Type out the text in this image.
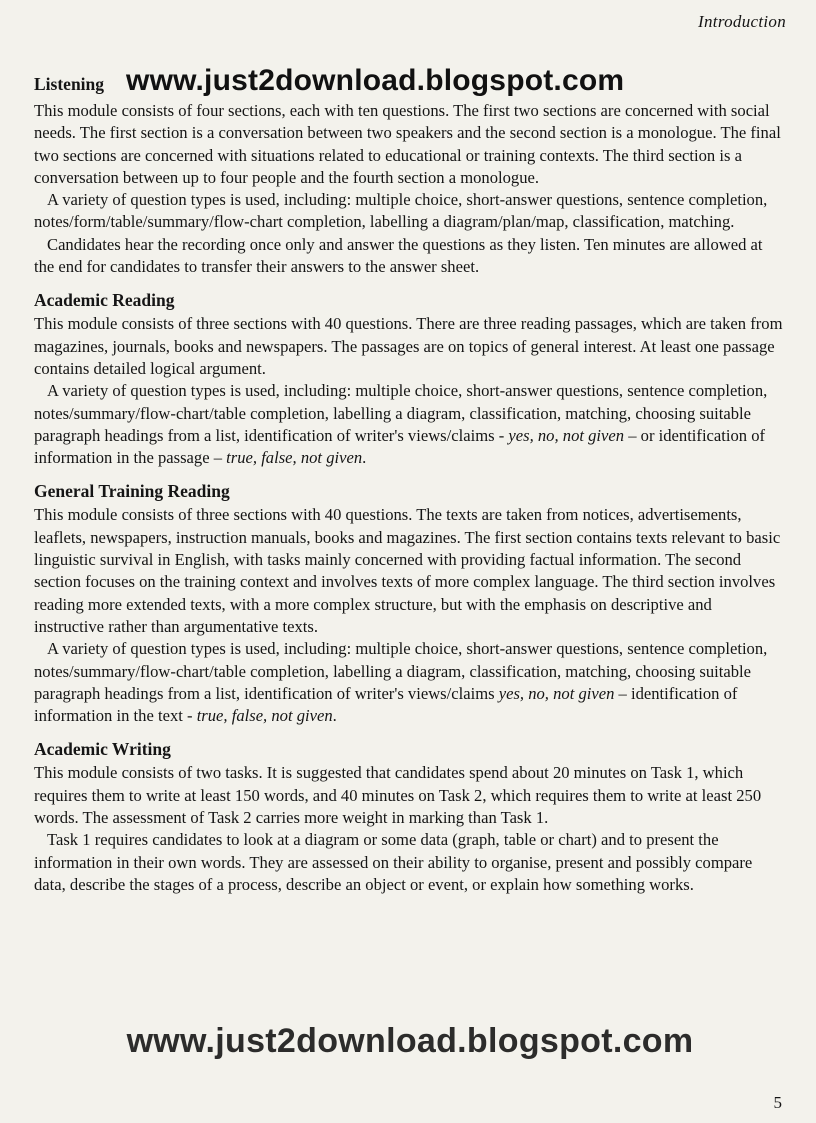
Introduction
Listening www.just2download.blogspot.com

This module consists of four sections, each with ten questions. The first two sections are concerned with social needs. The first section is a conversation between two speakers and the second section is a monologue. The final two sections are concerned with situations related to educational or training contexts. The third section is a conversation between up to four people and the fourth section a monologue.

A variety of question types is used, including: multiple choice, short-answer questions, sentence completion, notes/form/table/summary/flow-chart completion, labelling a diagram/plan/map, classification, matching.

Candidates hear the recording once only and answer the questions as they listen. Ten minutes are allowed at the end for candidates to transfer their answers to the answer sheet.

Academic Reading

This module consists of three sections with 40 questions. There are three reading passages, which are taken from magazines, journals, books and newspapers. The passages are on topics of general interest. At least one passage contains detailed logical argument.

A variety of question types is used, including: multiple choice, short-answer questions, sentence completion, notes/summary/flow-chart/table completion, labelling a diagram, classification, matching, choosing suitable paragraph headings from a list, identification of writer's views/claims - yes, no, not given – or identification of information in the passage – true, false, not given.

General Training Reading

This module consists of three sections with 40 questions. The texts are taken from notices, advertisements, leaflets, newspapers, instruction manuals, books and magazines. The first section contains texts relevant to basic linguistic survival in English, with tasks mainly concerned with providing factual information. The second section focuses on the training context and involves texts of more complex language. The third section involves reading more extended texts, with a more complex structure, but with the emphasis on descriptive and instructive rather than argumentative texts.

A variety of question types is used, including: multiple choice, short-answer questions, sentence completion, notes/summary/flow-chart/table completion, labelling a diagram, classification, matching, choosing suitable paragraph headings from a list, identification of writer's views/claims yes, no, not given – identification of information in the text - true, false, not given.

Academic Writing

This module consists of two tasks. It is suggested that candidates spend about 20 minutes on Task 1, which requires them to write at least 150 words, and 40 minutes on Task 2, which requires them to write at least 250 words. The assessment of Task 2 carries more weight in marking than Task 1.

Task 1 requires candidates to look at a diagram or some data (graph, table or chart) and to present the information in their own words. They are assessed on their ability to organise, present and possibly compare data, describe the stages of a process, describe an object or event, or explain how something works.

www.just2download.blogspot.com
5
